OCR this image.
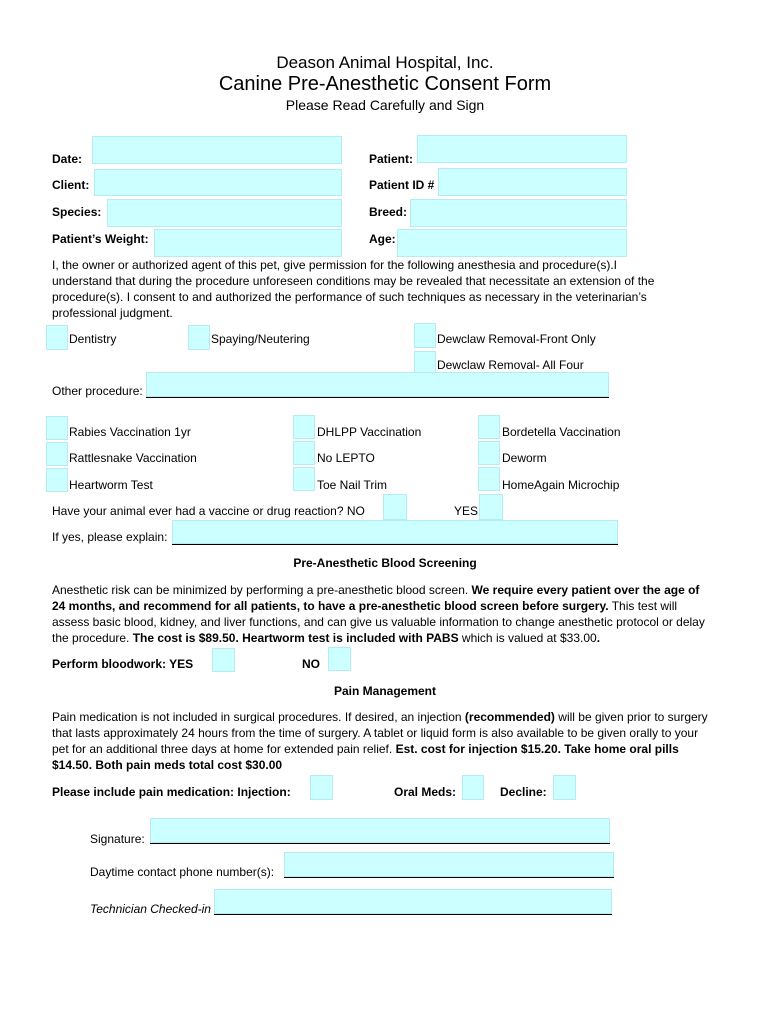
Deason Animal Hospital, Inc.
Canine Pre-Anesthetic Consent Form
Please Read Carefully and Sign
Date:	Patient:
Client:	Patient ID #
Species:	Breed:
Patient’s Weight:	Age:
I, the owner or authorized agent of this pet, give permission for the following anesthesia and procedure(s).I understand that during the procedure unforeseen conditions may be revealed that necessitate an extension of the procedure(s). I consent to and authorized the performance of such techniques as necessary in the veterinarian’s professional judgment.
Dentistry	Spaying/Neutering	Dewclaw Removal-Front Only
Dewclaw Removal- All Four
Other procedure:
Rabies Vaccination 1yr	DHLPP Vaccination	Bordetella Vaccination
Rattlesnake Vaccination	No LEPTO	Deworm
Heartworm Test	Toe Nail Trim	HomeAgain Microchip
Have your animal ever had a vaccine or drug reaction? NO	YES
If yes, please explain:
Pre-Anesthetic Blood Screening
Anesthetic risk can be minimized by performing a pre-anesthetic blood screen. We require every patient over the age of 24 months, and recommend for all patients, to have a pre-anesthetic blood screen before surgery. This test will assess basic blood, kidney, and liver functions, and can give us valuable information to change anesthetic protocol or delay the procedure. The cost is $89.50. Heartworm test is included with PABS which is valued at $33.00.
Perform bloodwork: YES	NO
Pain Management
Pain medication is not included in surgical procedures. If desired, an injection (recommended) will be given prior to surgery that lasts approximately 24 hours from the time of surgery. A tablet or liquid form is also available to be given orally to your pet for an additional three days at home for extended pain relief. Est. cost for injection $15.20. Take home oral pills $14.50. Both pain meds total cost $30.00
Please include pain medication: Injection:	Oral Meds:	Decline:
Signature:
Daytime contact phone number(s):
Technician Checked-in
